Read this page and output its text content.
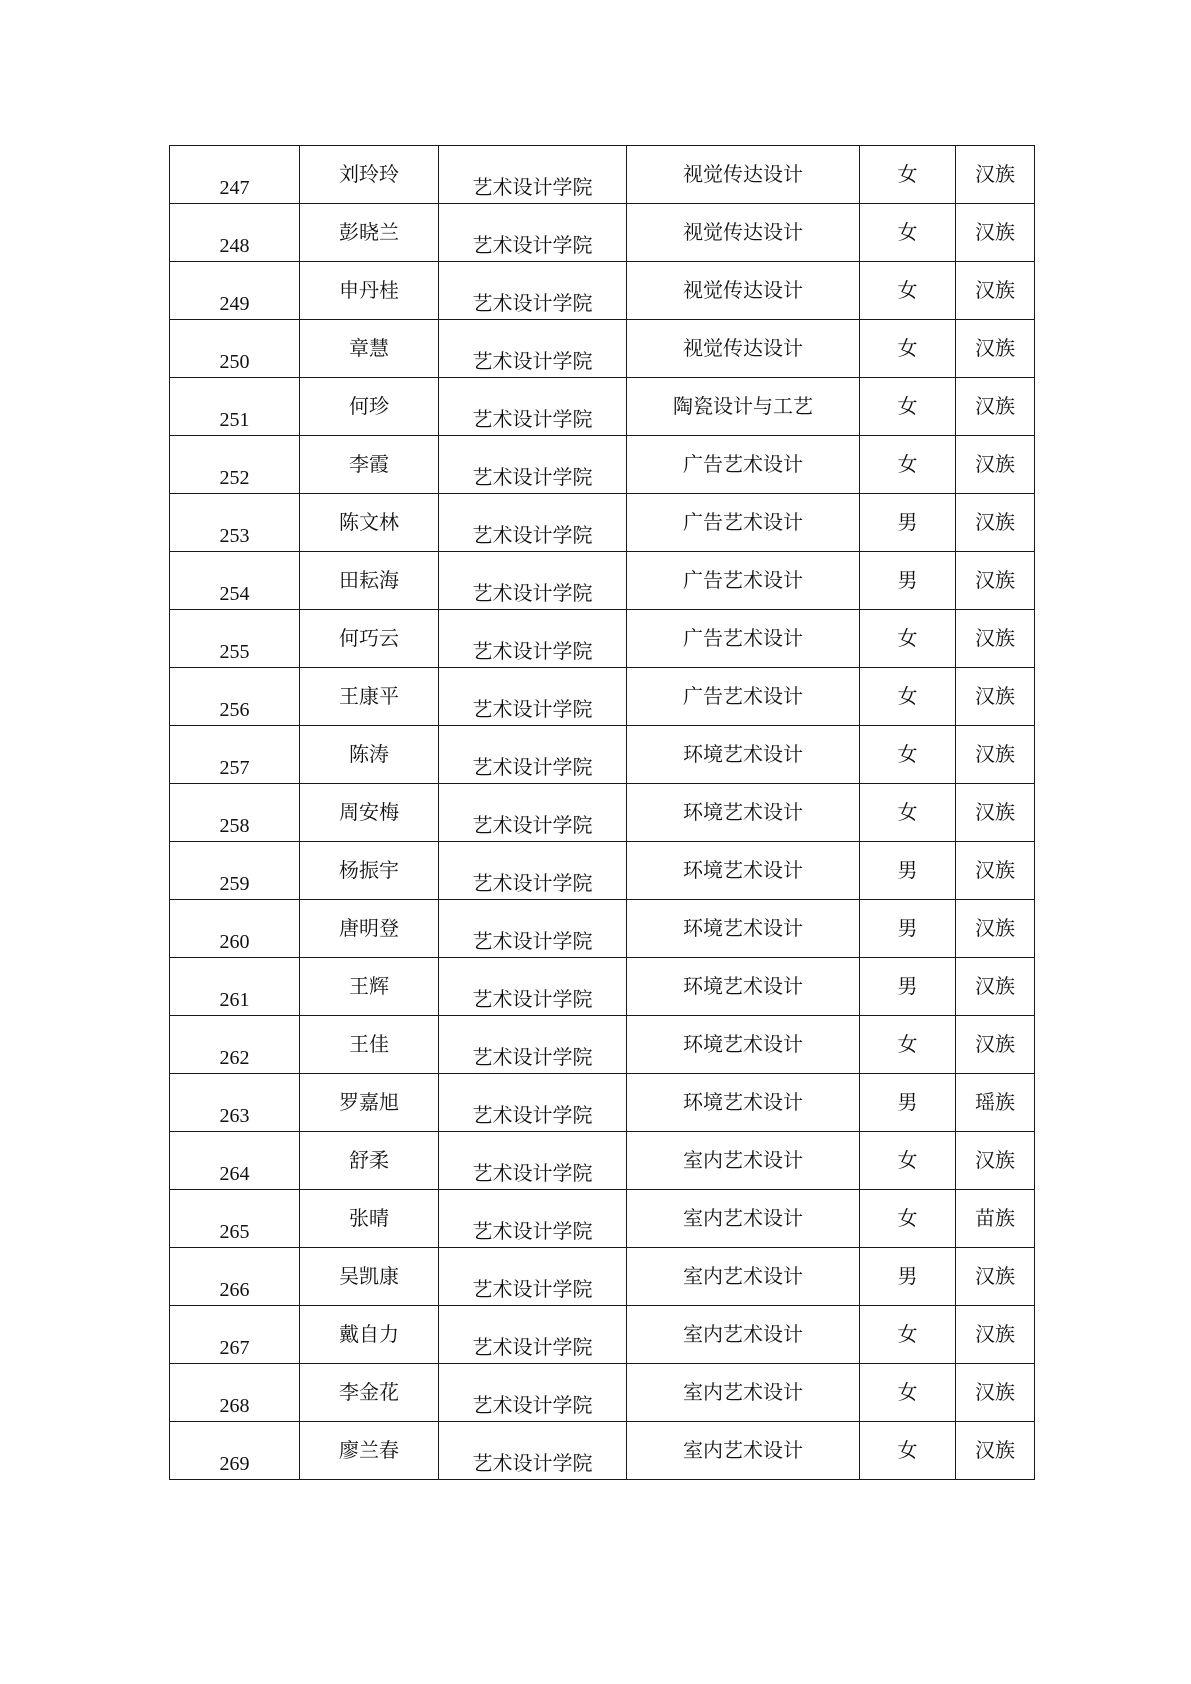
247	刘玲玲	艺术设计学院	视觉传达设计	女	汉族

248	彭晓兰	艺术设计学院	视觉传达设计	女	汉族

249	申丹桂	艺术设计学院	视觉传达设计	女	汉族

250	章慧	艺术设计学院	视觉传达设计	女	汉族

251	何珍	艺术设计学院	陶瓷设计与工艺	女	汉族

252	李霞	艺术设计学院	广告艺术设计	女	汉族

253	陈文林	艺术设计学院	广告艺术设计	男	汉族

254	田耘海	艺术设计学院	广告艺术设计	男	汉族

255	何巧云	艺术设计学院	广告艺术设计	女	汉族

256	王康平	艺术设计学院	广告艺术设计	女	汉族

257	陈涛	艺术设计学院	环境艺术设计	女	汉族

258	周安梅	艺术设计学院	环境艺术设计	女	汉族

259	杨振宇	艺术设计学院	环境艺术设计	男	汉族

260	唐明登	艺术设计学院	环境艺术设计	男	汉族

261	王辉	艺术设计学院	环境艺术设计	男	汉族

262	王佳	艺术设计学院	环境艺术设计	女	汉族

263	罗嘉旭	艺术设计学院	环境艺术设计	男	瑶族

264	舒柔	艺术设计学院	室内艺术设计	女	汉族

265	张晴	艺术设计学院	室内艺术设计	女	苗族

266	吴凯康	艺术设计学院	室内艺术设计	男	汉族

267	戴自力	艺术设计学院	室内艺术设计	女	汉族

268	李金花	艺术设计学院	室内艺术设计	女	汉族

269	廖兰春	艺术设计学院	室内艺术设计	女	汉族
